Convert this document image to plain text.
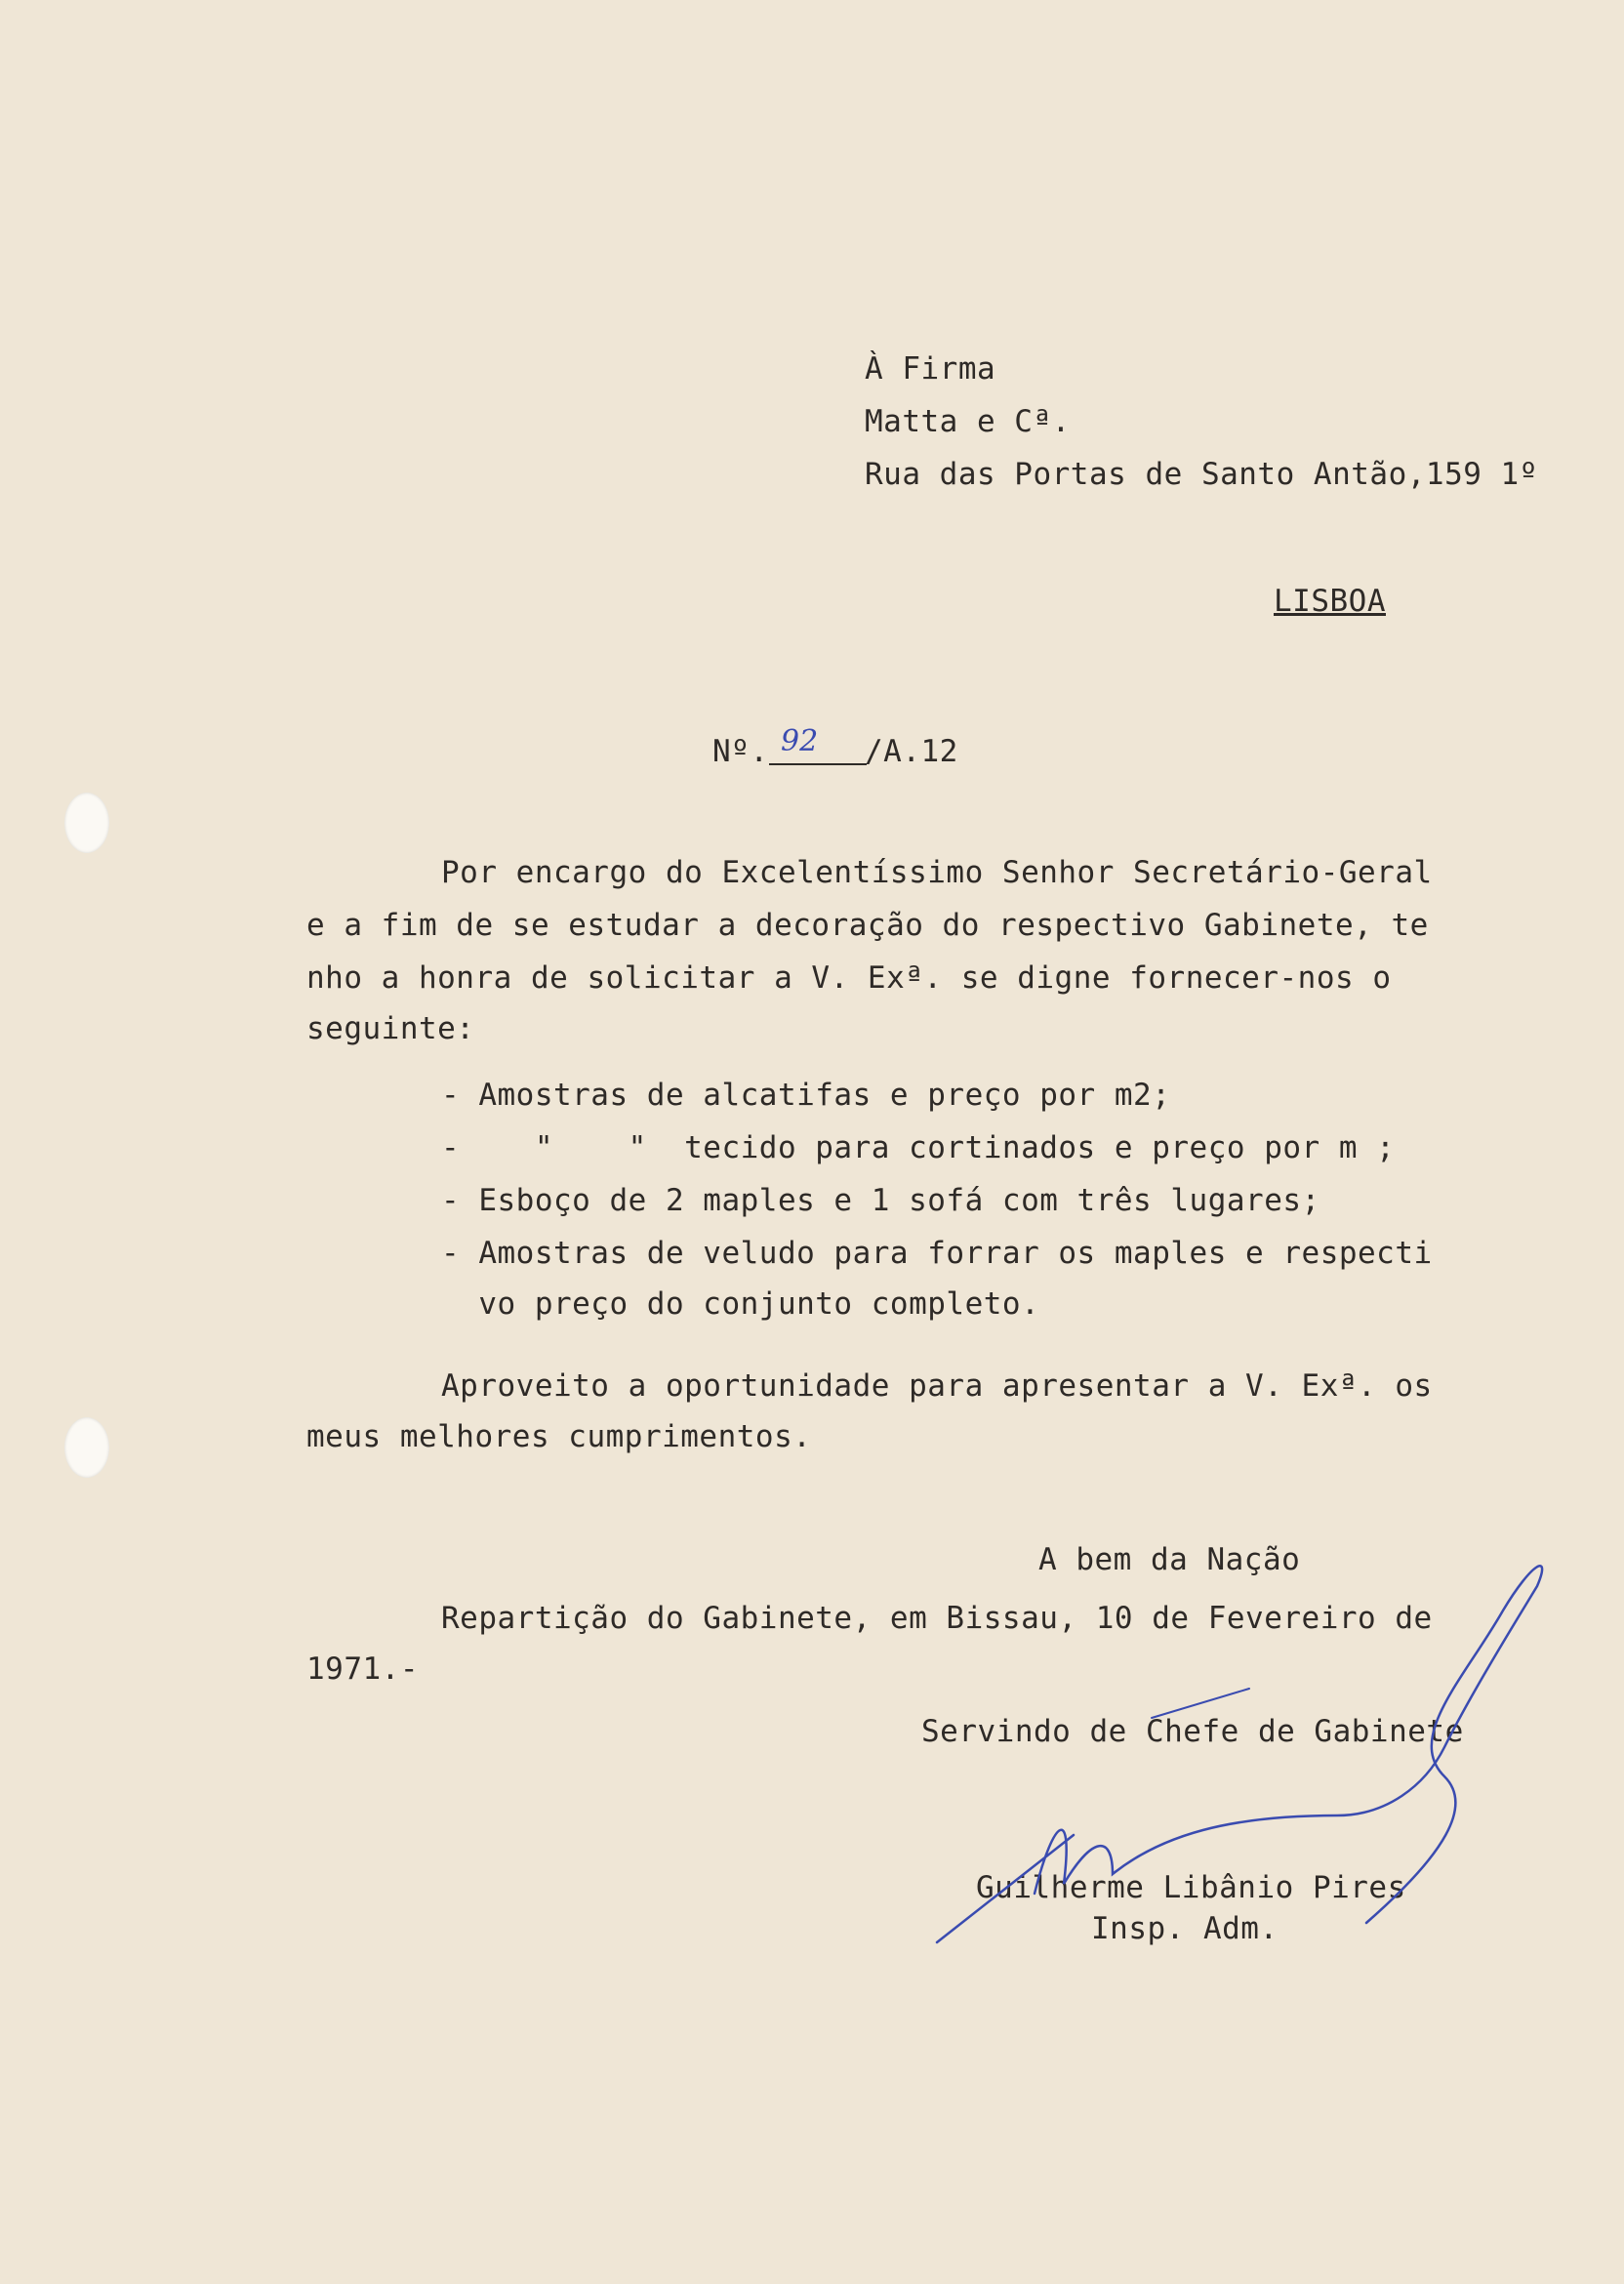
À Firma
Matta e Cª.
Rua das Portas de Santo Antão,159 1º
LISBOA
Nº. 92 /A.12
Por encargo do Excelentíssimo Senhor Secretário-Geral
e a fim de se estudar a decoração do respectivo Gabinete, te
nho a honra de solicitar a V. Exª. se digne fornecer-nos o
seguinte:
- Amostras de alcatifas e preço por m2;
-    "    "  tecido para cortinados e preço por m ;
- Esboço de 2 maples e 1 sofá com três lugares;
- Amostras de veludo para forrar os maples e respecti
vo preço do conjunto completo.
Aproveito a oportunidade para apresentar a V. Exª. os
meus melhores cumprimentos.
A bem da Nação
Repartição do Gabinete, em Bissau, 10 de Fevereiro de
1971.-
Servindo de Chefe de Gabinete
Guilherme Libânio Pires
Insp. Adm.
